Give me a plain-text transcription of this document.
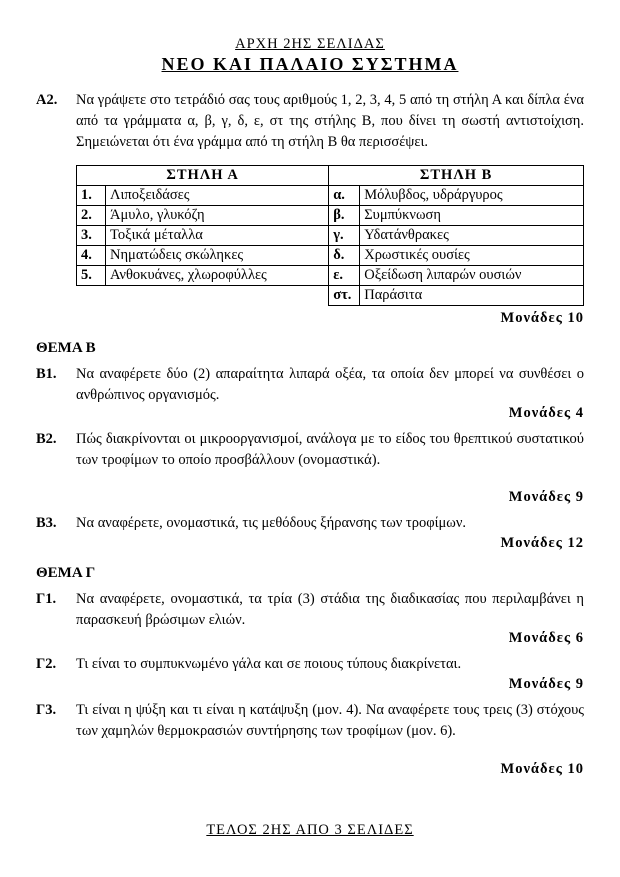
ΑΡΧΗ 2ΗΣ ΣΕΛΙΔΑΣ
ΝΕΟ ΚΑΙ ΠΑΛΑΙΟ ΣΥΣΤΗΜΑ
Α2.	Να γράψετε στο τετράδιό σας τους αριθμούς 1, 2, 3, 4, 5 από τη στήλη Α και δίπλα ένα από τα γράμματα α, β, γ, δ, ε, στ της στήλης Β, που δίνει τη σωστή αντιστοίχιση. Σημειώνεται ότι ένα γράμμα από τη στήλη Β θα περισσέψει.
ΣΤΗΛΗ Α		ΣΤΗΛΗ Β	
1.	Λιποξειδάσες	α.	Μόλυβδος, υδράργυρος
2.	Άμυλο, γλυκόζη	β.	Συμπύκνωση
3.	Τοξικά μέταλλα	γ.	Υδατάνθρακες
4.	Νηματώδεις σκώληκες	δ.	Χρωστικές ουσίες
5.	Ανθοκυάνες, χλωροφύλλες	ε.	Οξείδωση λιπαρών ουσιών
		στ.	Παράσιτα
Μονάδες 10
ΘΕΜΑ Β
Β1.	Να αναφέρετε δύο (2) απαραίτητα λιπαρά οξέα, τα οποία δεν μπορεί να συνθέσει ο ανθρώπινος οργανισμός.
Μονάδες 4
Β2.	Πώς διακρίνονται οι μικροοργανισμοί, ανάλογα με το είδος του θρεπτικού συστατικού των τροφίμων το οποίο προσβάλλουν (ονομαστικά).
Μονάδες 9
Β3.	Να αναφέρετε, ονομαστικά, τις μεθόδους ξήρανσης των τροφίμων.
Μονάδες 12
ΘΕΜΑ Γ
Γ1.	Να αναφέρετε, ονομαστικά, τα τρία (3) στάδια της διαδικασίας που περιλαμβάνει η παρασκευή βρώσιμων ελιών.
Μονάδες 6
Γ2.	Τι είναι το συμπυκνωμένο γάλα και σε ποιους τύπους διακρίνεται.
Μονάδες 9
Γ3.	Τι είναι η ψύξη και τι είναι η κατάψυξη (μον. 4). Να αναφέρετε τους τρεις (3) στόχους των χαμηλών θερμοκρασιών συντήρησης των τροφίμων (μον. 6).
Μονάδες 10
ΤΕΛΟΣ 2ΗΣ ΑΠΟ 3 ΣΕΛΙΔΕΣ
